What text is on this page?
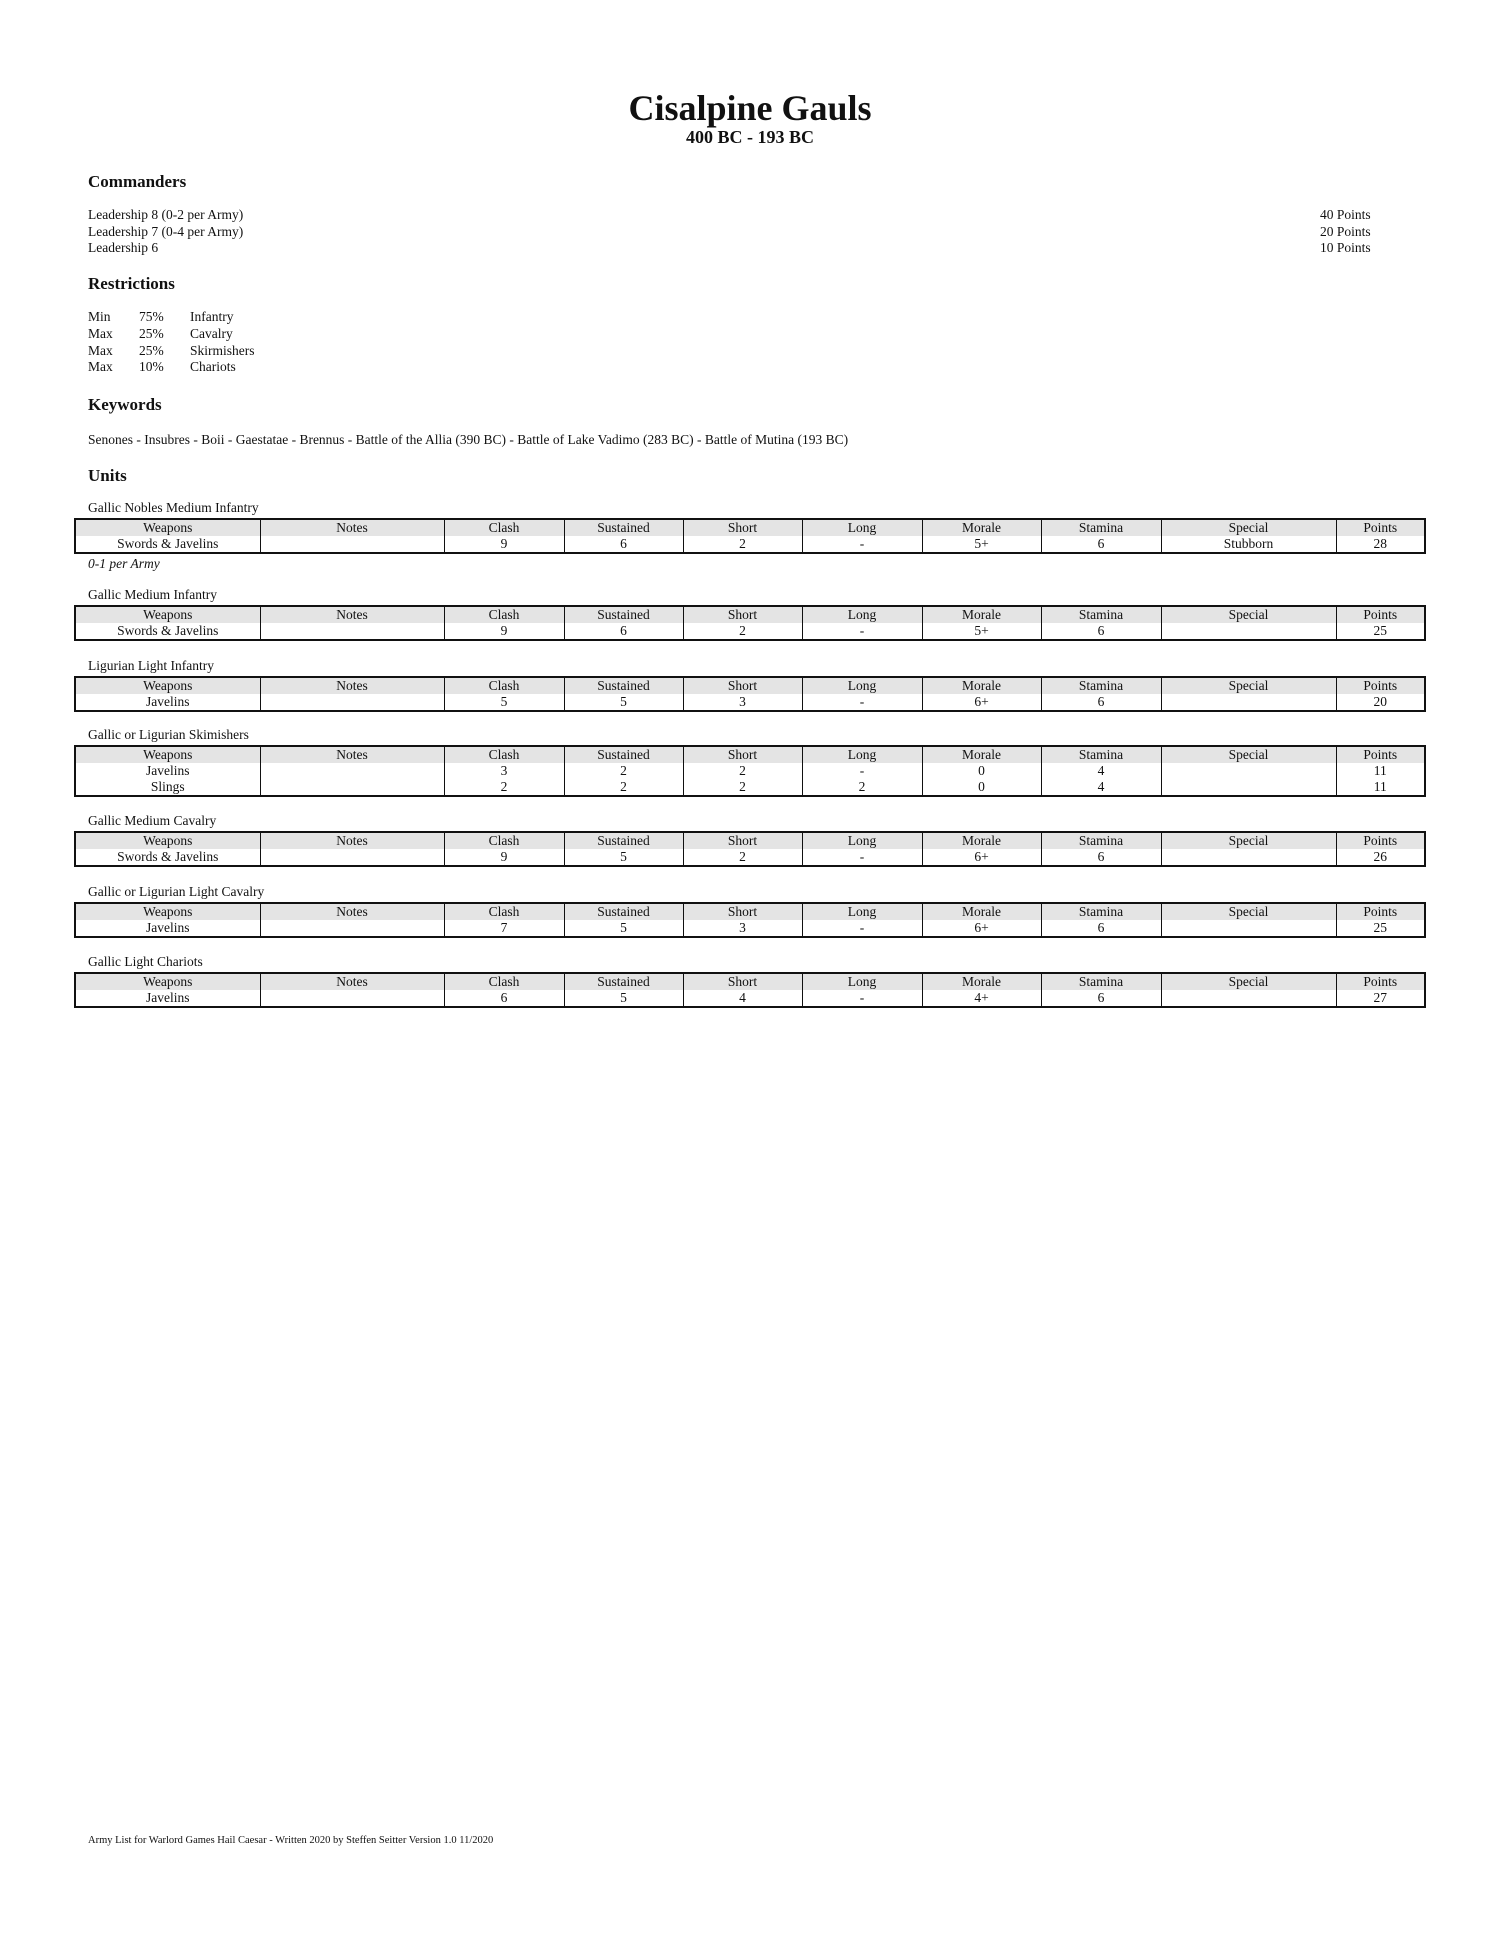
Cisalpine Gauls
400 BC - 193 BC
Commanders
Leadership 8 (0-2 per Army)	40 Points
Leadership 7 (0-4 per Army)	20 Points
Leadership 6	10 Points
Restrictions
Min 75% Infantry
Max 25% Cavalry
Max 25% Skirmishers
Max 10% Chariots
Keywords
Senones - Insubres - Boii - Gaestatae - Brennus - Battle of the Allia (390 BC) - Battle of Lake Vadimo (283 BC) - Battle of Mutina (193 BC)
Units
Gallic Nobles Medium Infantry
Weapons	Notes	Clash	Sustained	Short	Long	Morale	Stamina	Special	Points
Swords & Javelins		9	6	2	-	5+	6	Stubborn	28
0-1 per Army
Gallic Medium Infantry
Weapons	Notes	Clash	Sustained	Short	Long	Morale	Stamina	Special	Points
Swords & Javelins		9	6	2	-	5+	6		25
Ligurian Light Infantry
Weapons	Notes	Clash	Sustained	Short	Long	Morale	Stamina	Special	Points
Javelins		5	5	3	-	6+	6		20
Gallic or Ligurian Skimishers
Weapons	Notes	Clash	Sustained	Short	Long	Morale	Stamina	Special	Points
Javelins		3	2	2	-	0	4		11
Slings		2	2	2	2	0	4		11
Gallic Medium Cavalry
Weapons	Notes	Clash	Sustained	Short	Long	Morale	Stamina	Special	Points
Swords & Javelins		9	5	2	-	6+	6		26
Gallic or Ligurian Light Cavalry
Weapons	Notes	Clash	Sustained	Short	Long	Morale	Stamina	Special	Points
Javelins		7	5	3	-	6+	6		25
Gallic Light Chariots
Weapons	Notes	Clash	Sustained	Short	Long	Morale	Stamina	Special	Points
Javelins		6	5	4	-	4+	6		27
Army List for Warlord Games Hail Caesar - Written 2020 by Steffen Seitter Version 1.0 11/2020
